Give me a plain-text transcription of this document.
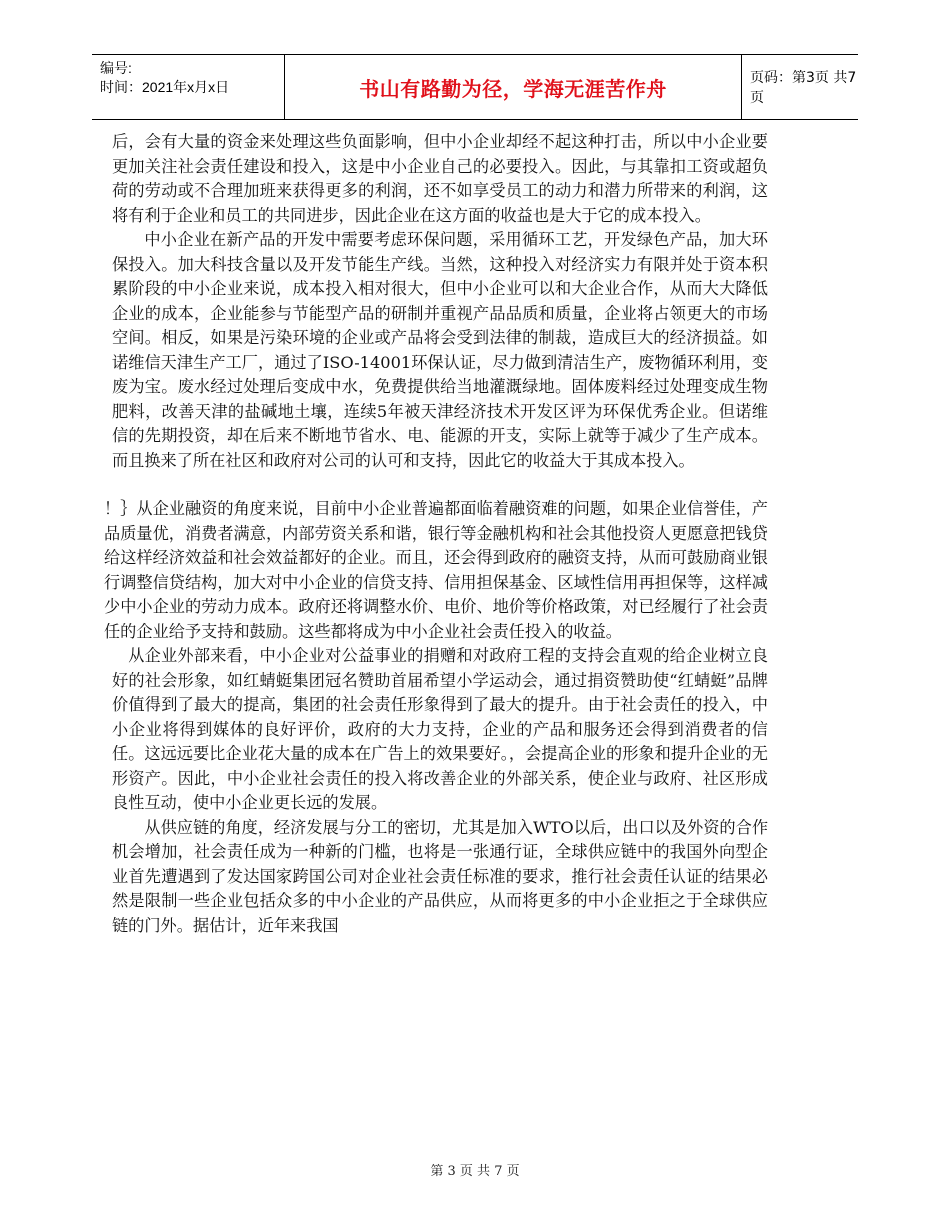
编号:
时间：2021年x月x日	书山有路勤为径，学海无涯苦作舟	页码：第3页 共7页

后，会有大量的资金来处理这些负面影响，但中小企业却经不起这种打击，所以中小企业要更加关注社会责任建设和投入，这是中小企业自己的必要投入。因此，与其靠扣工资或超负荷的劳动或不合理加班来获得更多的利润，还不如享受员工的动力和潜力所带来的利润，这将有利于企业和员工的共同进步，因此企业在这方面的收益也是大于它的成本投入。

中小企业在新产品的开发中需要考虑环保问题，采用循环工艺，开发绿色产品，加大环保投入。加大科技含量以及开发节能生产线。当然，这种投入对经济实力有限并处于资本积累阶段的中小企业来说，成本投入相对很大，但中小企业可以和大企业合作，从而大大降低企业的成本，企业能参与节能型产品的研制并重视产品品质和质量，企业将占领更大的市场空间。相反，如果是污染环境的企业或产品将会受到法律的制裁，造成巨大的经济损益。如诺维信天津生产工厂，通过了ISO-14001环保认证，尽力做到清洁生产，废物循环利用，变废为宝。废水经过处理后变成中水，免费提供给当地灌溉绿地。固体废料经过处理变成生物肥料，改善天津的盐碱地土壤，连续5年被天津经济技术开发区评为环保优秀企业。但诺维信的先期投资，却在后来不断地节省水、电、能源的开支，实际上就等于减少了生产成本。而且换来了所在社区和政府对公司的认可和支持，因此它的收益大于其成本投入。

！｝从企业融资的角度来说，目前中小企业普遍都面临着融资难的问题，如果企业信誉佳，产品质量优，消费者满意，内部劳资关系和谐，银行等金融机构和社会其他投资人更愿意把钱贷给这样经济效益和社会效益都好的企业。而且，还会得到政府的融资支持，从而可鼓励商业银行调整信贷结构，加大对中小企业的信贷支持、信用担保基金、区域性信用再担保等，这样减少中小企业的劳动力成本。政府还将调整水价、电价、地价等价格政策，对已经履行了社会责任的企业给予支持和鼓励。这些都将成为中小企业社会责任投入的收益。

从企业外部来看，中小企业对公益事业的捐赠和对政府工程的支持会直观的给企业树立良好的社会形象，如红蜻蜓集团冠名赞助首届希望小学运动会，通过捐资赞助使“红蜻蜓”品牌价值得到了最大的提高，集团的社会责任形象得到了最大的提升。由于社会责任的投入，中小企业将得到媒体的良好评价，政府的大力支持，企业的产品和服务还会得到消费者的信任。这远远要比企业花大量的成本在广告上的效果要好。，会提高企业的形象和提升企业的无形资产。因此，中小企业社会责任的投入将改善企业的外部关系，使企业与政府、社区形成良性互动，使中小企业更长远的发展。

从供应链的角度，经济发展与分工的密切，尤其是加入WTO以后，出口以及外资的合作机会增加，社会责任成为一种新的门槛，也将是一张通行证，全球供应链中的我国外向型企业首先遭遇到了发达国家跨国公司对企业社会责任标准的要求，推行社会责任认证的结果必然是限制一些企业包括众多的中小企业的产品供应，从而将更多的中小企业拒之于全球供应链的门外。据估计，近年来我国

第 3 页 共 7 页
